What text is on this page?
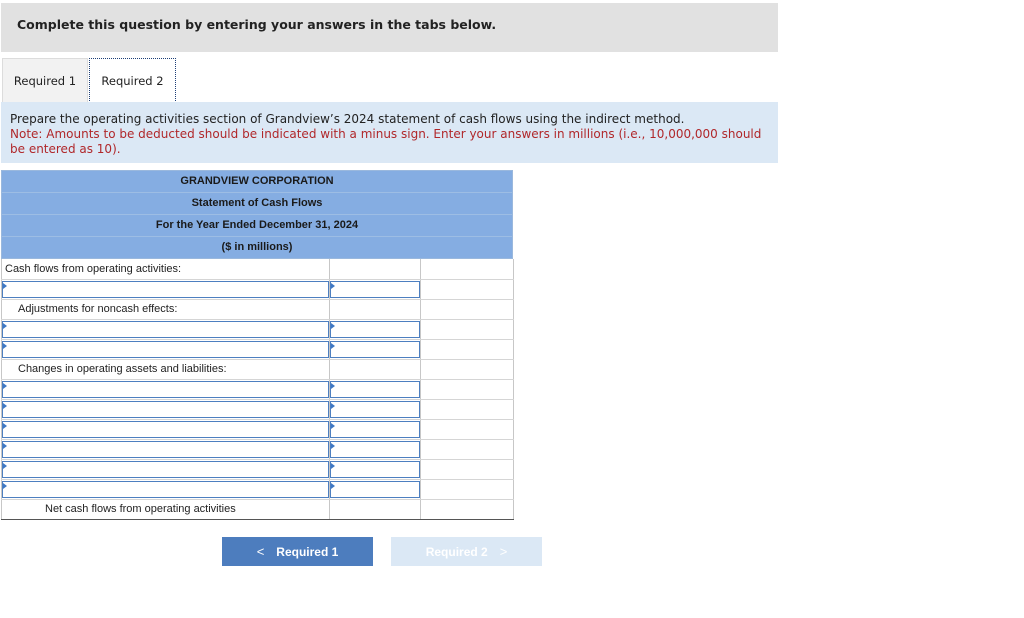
Complete this question by entering your answers in the tabs below.
Required 1 Required 2
Prepare the operating activities section of Grandview’s 2024 statement of cash flows using the indirect method.
Note: Amounts to be deducted should be indicated with a minus sign. Enter your answers in millions (i.e., 10,000,000 should be entered as 10).
GRANDVIEW CORPORATION
Statement of Cash Flows
For the Year Ended December 31, 2024
($ in millions)
Cash flows from operating activities:		

Adjustments for noncash effects:		

Changes in operating assets and liabilities:		

Net cash flows from operating activities		
< Required 1	Required 2 >
